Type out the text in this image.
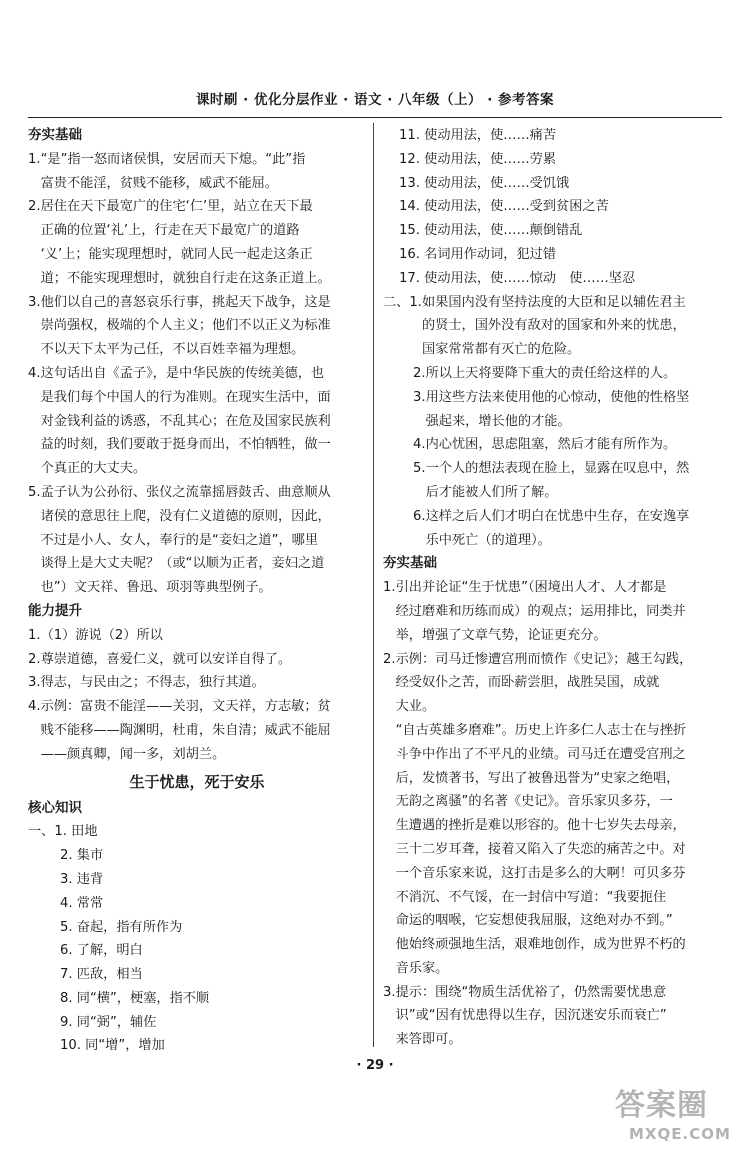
课时刷 · 优化分层作业 · 语文 · 八年级（上） · 参考答案
夯实基础
1. “是”指一怒而诸侯惧，安居而天下熄。“此”指
富贵不能淫，贫贱不能移，威武不能屈。
2. 居住在天下最宽广的住宅‘仁’里，站立在天下最
正确的位置‘礼’上，行走在天下最宽广的道路
‘义’上；能实现理想时，就同人民一起走这条正
道；不能实现理想时，就独自行走在这条正道上。
3. 他们以自己的喜怒哀乐行事，挑起天下战争，这是
崇尚强权，极端的个人主义；他们不以正义为标准
不以天下太平为己任，不以百姓幸福为理想。
4. 这句话出自《孟子》，是中华民族的传统美德，也
是我们每个中国人的行为准则。在现实生活中，面
对金钱利益的诱惑，不乱其心；在危及国家民族利
益的时刻，我们要敢于挺身而出，不怕牺牲，做一
个真正的大丈夫。
5. 孟子认为公孙衍、张仪之流靠摇唇鼓舌、曲意顺从
诸侯的意思往上爬，没有仁义道德的原则，因此，
不过是小人、女人，奉行的是“妾妇之道”，哪里
谈得上是大丈夫呢？（或“以顺为正者，妾妇之道
也”）文天祥、鲁迅、项羽等典型例子。
能力提升
1. （1）游说（2）所以
2. 尊崇道德，喜爱仁义，就可以安详自得了。
3. 得志，与民由之；不得志，独行其道。
4. 示例：富贵不能淫——关羽，文天祥，方志敏；贫
贱不能移——陶渊明，杜甫，朱自清；威武不能屈
——颜真卿，闻一多，刘胡兰。
生于忧患，死于安乐
核心知识
一、1. 田地
2. 集市
3. 违背
4. 常常
5. 奋起，指有所作为
6. 了解，明白
7. 匹敌，相当
8. 同“横”，梗塞，指不顺
9. 同“弼”，辅佐
10. 同“增”，增加
11. 使动用法，使……痛苦
12. 使动用法，使……劳累
13. 使动用法，使……受饥饿
14. 使动用法，使……受到贫困之苦
15. 使动用法，使……颠倒错乱
16. 名词用作动词，犯过错
17. 使动用法，使……惊动　使……坚忍
二、1. 如果国内没有坚持法度的大臣和足以辅佐君主
的贤士，国外没有敌对的国家和外来的忧患，
国家常常都有灭亡的危险。
2. 所以上天将要降下重大的责任给这样的人。
3. 用这些方法来使用他的心惊动，使他的性格坚
强起来，增长他的才能。
4. 内心忧困，思虑阻塞，然后才能有所作为。
5. 一个人的想法表现在脸上，显露在叹息中，然
后才能被人们所了解。
6. 这样之后人们才明白在忧患中生存，在安逸享
乐中死亡（的道理）。
夯实基础
1. 引出并论证“生于忧患”（困境出人才、人才都是
经过磨难和历练而成）的观点；运用排比，同类并
举，增强了文章气势，论证更充分。
2. 示例：司马迁惨遭宫刑而愤作《史记》；越王勾践，
经受奴仆之苦，而卧薪尝胆，战胜吴国，成就
大业。
“自古英雄多磨难”。历史上许多仁人志士在与挫折
斗争中作出了不平凡的业绩。司马迁在遭受宫刑之
后，发愤著书，写出了被鲁迅誉为“史家之绝唱，
无韵之离骚”的名著《史记》。音乐家贝多芬，一
生遭遇的挫折是难以形容的。他十七岁失去母亲，
三十二岁耳聋，接着又陷入了失恋的痛苦之中。对
一个音乐家来说，这打击是多么的大啊！可贝多芬
不消沉、不气馁，在一封信中写道：“我要扼住
命运的咽喉，它妄想使我屈服，这绝对办不到。”
他始终顽强地生活，艰难地创作，成为世界不朽的
音乐家。
3. 提示：围绕“物质生活优裕了，仍然需要忧患意
识”或“因有忧患得以生存，因沉迷安乐而衰亡”
来答即可。
· 29 ·
答案圈
MXQE.COM
